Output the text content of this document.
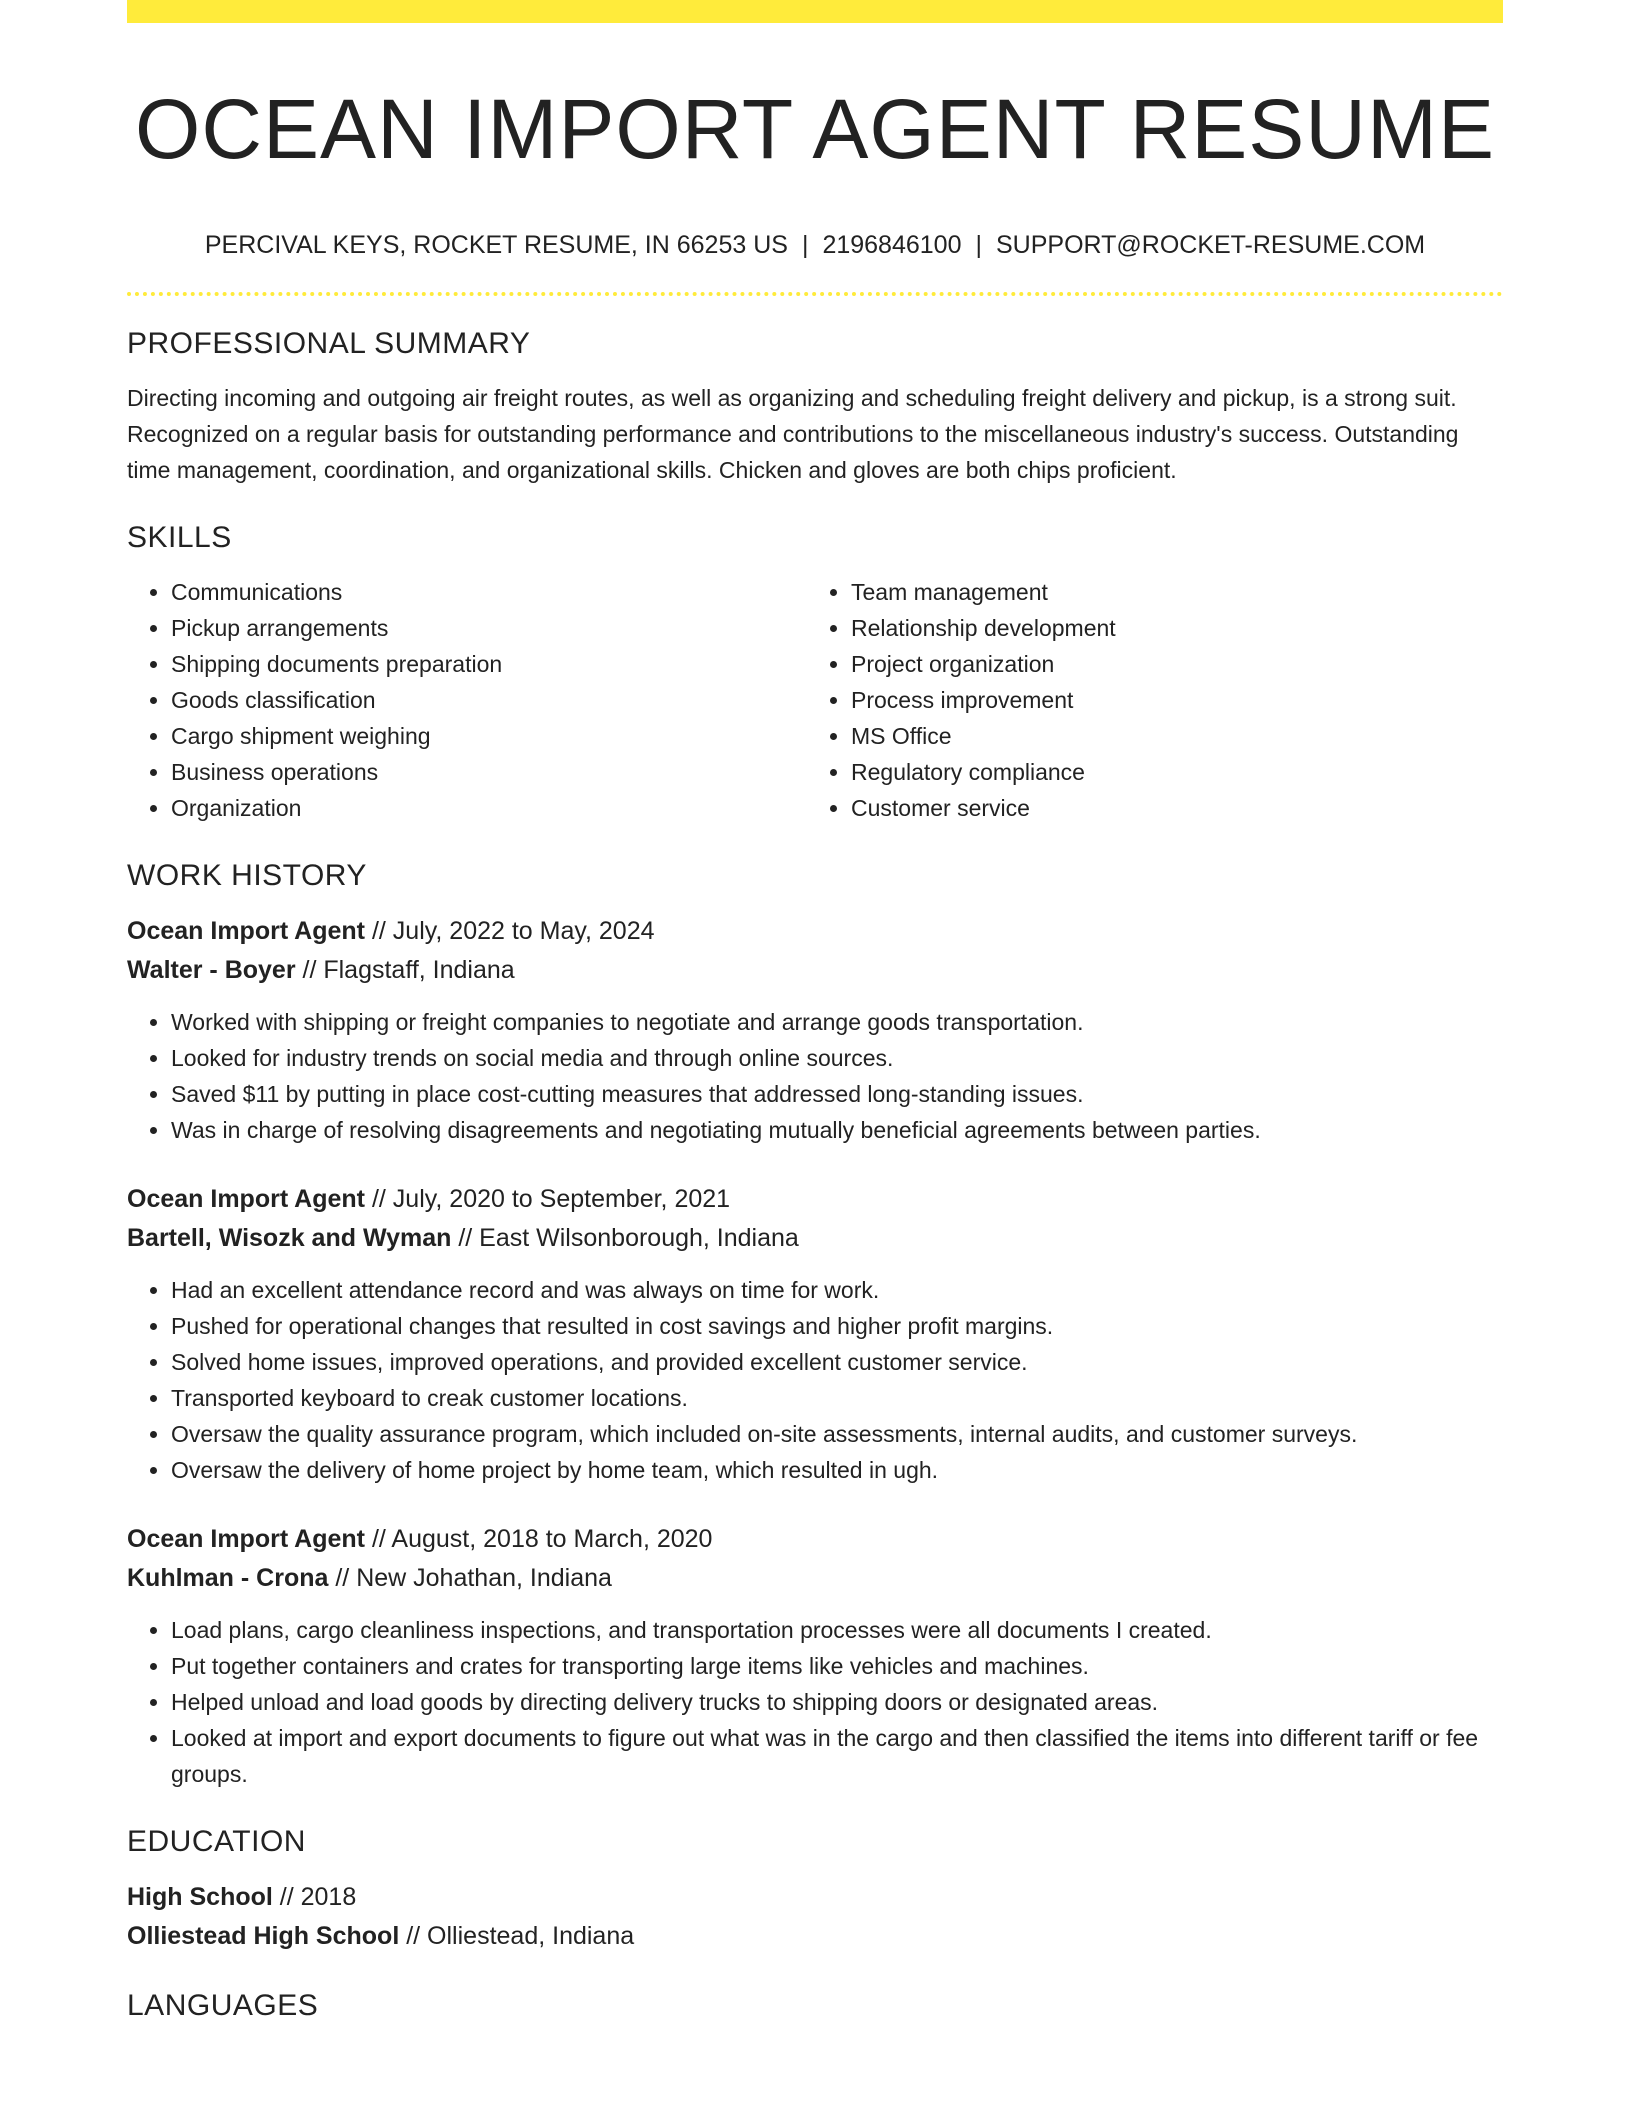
OCEAN IMPORT AGENT RESUME
PERCIVAL KEYS, ROCKET RESUME, IN 66253 US | 2196846100 | SUPPORT@ROCKET-RESUME.COM
PROFESSIONAL SUMMARY

Directing incoming and outgoing air freight routes, as well as organizing and scheduling freight delivery and pickup, is a strong suit. Recognized on a regular basis for outstanding performance and contributions to the miscellaneous industry's success. Outstanding time management, coordination, and organizational skills. Chicken and gloves are both chips proficient.

SKILLS
• Communications
• Pickup arrangements
• Shipping documents preparation
• Goods classification
• Cargo shipment weighing
• Business operations
• Organization
• Team management
• Relationship development
• Project organization
• Process improvement
• MS Office
• Regulatory compliance
• Customer service
WORK HISTORY
Ocean Import Agent // July, 2022 to May, 2024
Walter - Boyer // Flagstaff, Indiana
• Worked with shipping or freight companies to negotiate and arrange goods transportation.
• Looked for industry trends on social media and through online sources.
• Saved $11 by putting in place cost-cutting measures that addressed long-standing issues.
• Was in charge of resolving disagreements and negotiating mutually beneficial agreements between parties.
Ocean Import Agent // July, 2020 to September, 2021
Bartell, Wisozk and Wyman // East Wilsonborough, Indiana
• Had an excellent attendance record and was always on time for work.
• Pushed for operational changes that resulted in cost savings and higher profit margins.
• Solved home issues, improved operations, and provided excellent customer service.
• Transported keyboard to creak customer locations.
• Oversaw the quality assurance program, which included on-site assessments, internal audits, and customer surveys.
• Oversaw the delivery of home project by home team, which resulted in ugh.
Ocean Import Agent // August, 2018 to March, 2020
Kuhlman - Crona // New Johathan, Indiana
• Load plans, cargo cleanliness inspections, and transportation processes were all documents I created.
• Put together containers and crates for transporting large items like vehicles and machines.
• Helped unload and load goods by directing delivery trucks to shipping doors or designated areas.
• Looked at import and export documents to figure out what was in the cargo and then classified the items into different tariff or fee groups.
EDUCATION
High School // 2018
Olliestead High School // Olliestead, Indiana
LANGUAGES
